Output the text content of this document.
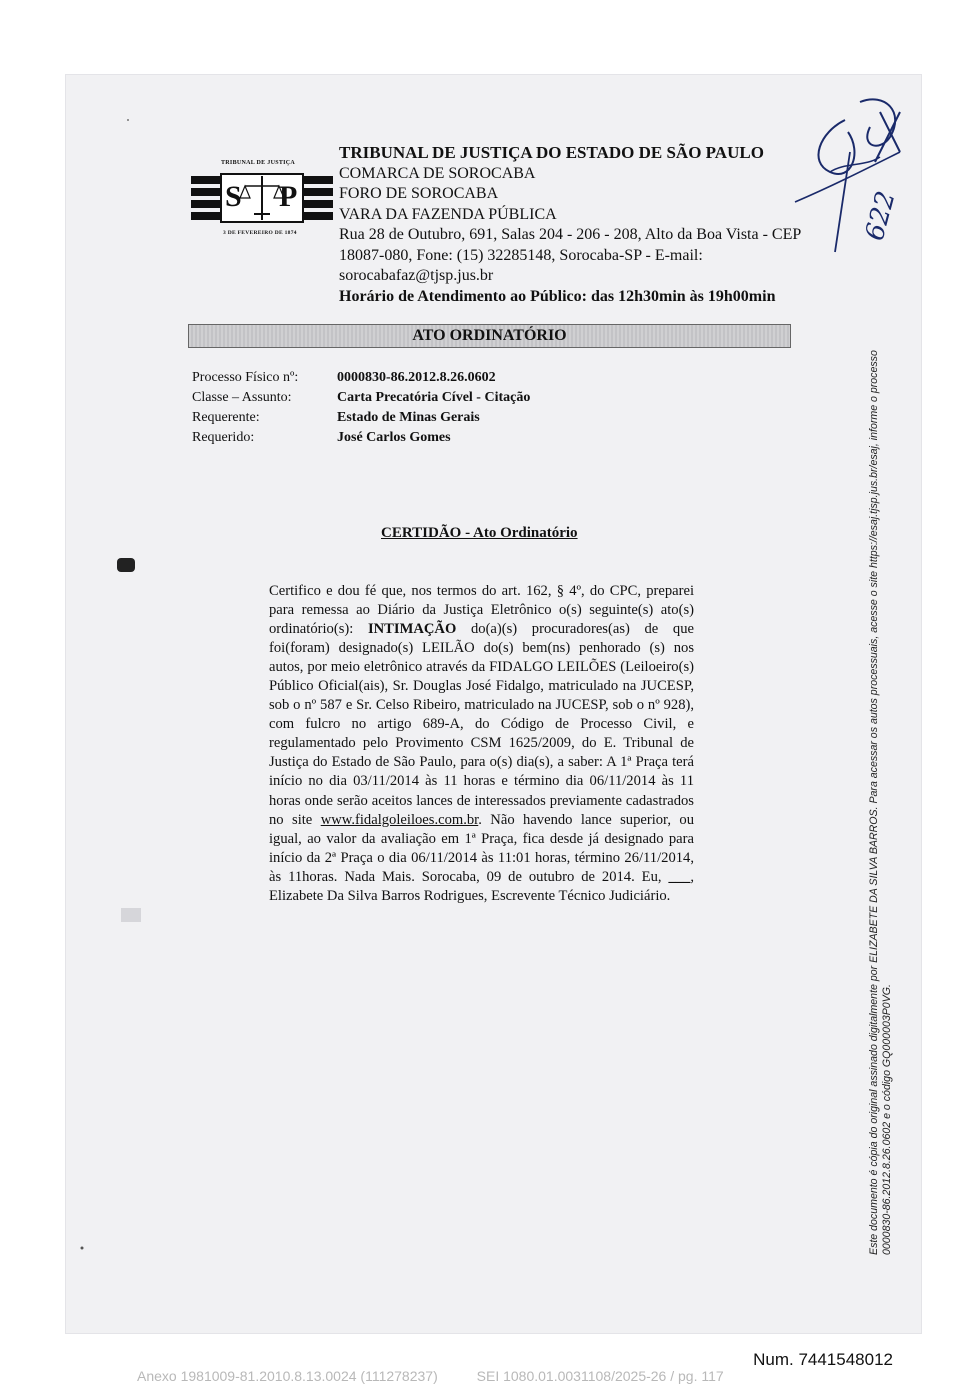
TRIBUNAL DE JUSTIÇA
S P
3 DE FEVEREIRO DE 1874
TRIBUNAL DE JUSTIÇA DO ESTADO DE SÃO PAULO
COMARCA DE SOROCABA
FORO DE SOROCABA
VARA DA FAZENDA PÚBLICA
Rua 28 de Outubro, 691, Salas 204 - 206 - 208, Alto da Boa Vista - CEP
18087-080, Fone: (15) 32285148, Sorocaba-SP - E-mail:
sorocabafaz@tjsp.jus.br
Horário de Atendimento ao Público: das 12h30min às 19h00min
622
ATO ORDINATÓRIO
Processo Físico nº:	0000830-86.2012.8.26.0602
Classe – Assunto:	Carta Precatória Cível - Citação
Requerente:	Estado de Minas Gerais
Requerido:	José Carlos Gomes
CERTIDÃO - Ato Ordinatório
Certifico e dou fé que, nos termos do art. 162, § 4º, do CPC, preparei para remessa ao Diário da Justiça Eletrônico o(s) seguinte(s) ato(s) ordinatório(s): INTIMAÇÃO do(a)(s) procuradores(as) de que foi(foram) designado(s) LEILÃO do(s) bem(ns) penhorado (s) nos autos, por meio eletrônico através da FIDALGO LEILÕES (Leiloeiro(s) Público Oficial(ais), Sr. Douglas José Fidalgo, matriculado na JUCESP, sob o nº 587 e Sr. Celso Ribeiro, matriculado na JUCESP, sob o nº 928), com fulcro no artigo 689-A, do Código de Processo Civil, e regulamentado pelo Provimento CSM 1625/2009, do E. Tribunal de Justiça do Estado de São Paulo, para o(s) dia(s), a saber: A 1ª Praça terá início no dia 03/11/2014 às 11 horas e término dia 06/11/2014 às 11 horas onde serão aceitos lances de interessados previamente cadastrados no site www.fidalgoleiloes.com.br. Não havendo lance superior, ou igual, ao valor da avaliação em 1ª Praça, fica desde já designado para início da 2ª Praça o dia 06/11/2014 às 11:01 horas, término 26/11/2014, às 11horas. Nada Mais. Sorocaba, 09 de outubro de 2014. Eu, ___, Elizabete Da Silva Barros Rodrigues, Escrevente Técnico Judiciário.	Este documento é cópia do original assinado digitalmente por ELIZABETE DA SILVA BARROS. Para acessar os autos processuais, acesse o site https://esaj.tjsp.jus.br/esaj, informe o processo 0000830-86.2012.8.26.0602 e o código GQ000003P0VG.
Num. 7441548012
Anexo 1981009-81.2010.8.13.0024 (111278237)	SEI 1080.01.0031108/2025-26 / pg. 117
